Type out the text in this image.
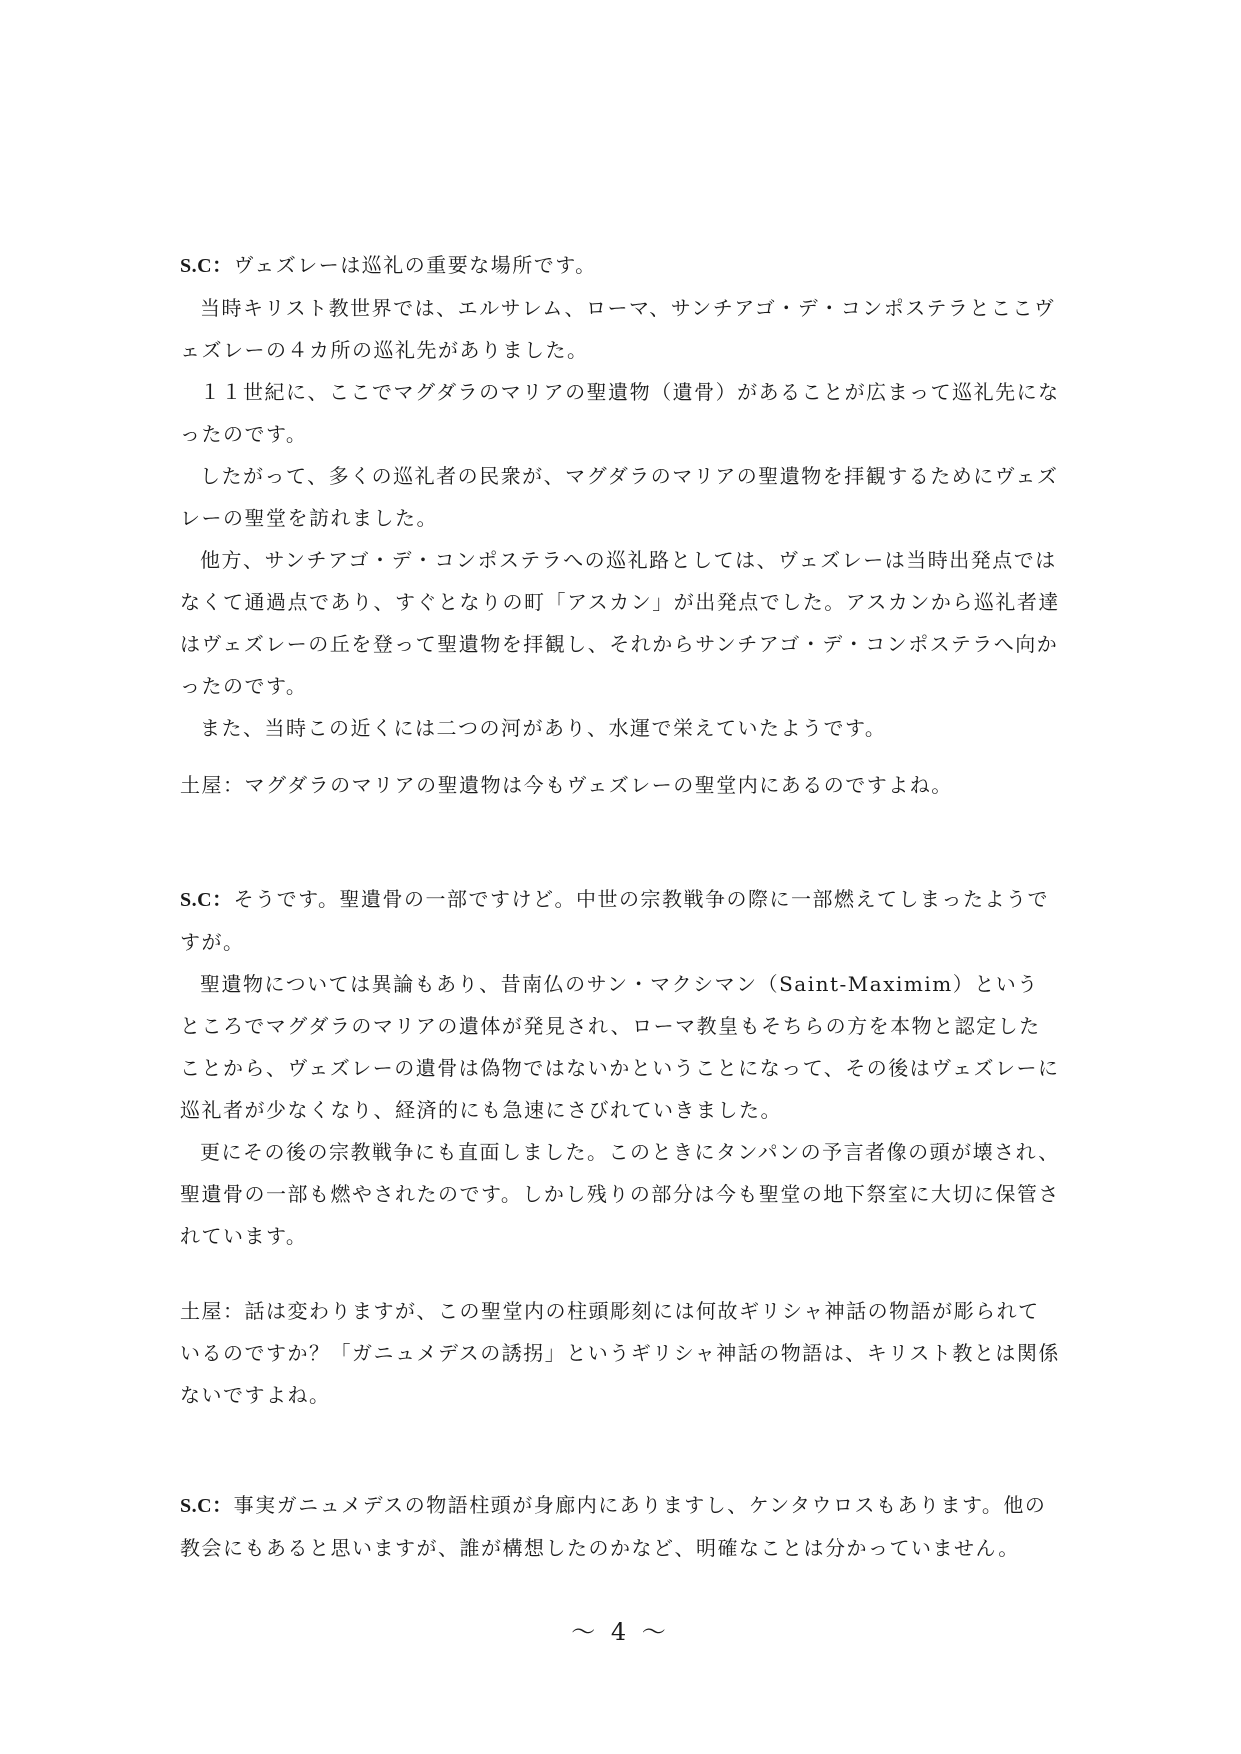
S.C：ヴェズレーは巡礼の重要な場所です。

当時キリスト教世界では、エルサレム、ローマ、サンチアゴ・デ・コンポステラとここヴェズレーの４カ所の巡礼先がありました。

１１世紀に、ここでマグダラのマリアの聖遺物（遺骨）があることが広まって巡礼先になったのです。

したがって、多くの巡礼者の民衆が、マグダラのマリアの聖遺物を拝観するためにヴェズレーの聖堂を訪れました。

他方、サンチアゴ・デ・コンポステラへの巡礼路としては、ヴェズレーは当時出発点ではなくて通過点であり、すぐとなりの町「アスカン」が出発点でした。アスカンから巡礼者達はヴェズレーの丘を登って聖遺物を拝観し、それからサンチアゴ・デ・コンポステラへ向かったのです。

また、当時この近くには二つの河があり、水運で栄えていたようです。

土屋：マグダラのマリアの聖遺物は今もヴェズレーの聖堂内にあるのですよね。

S.C：そうです。聖遺骨の一部ですけど。中世の宗教戦争の際に一部燃えてしまったようですが。

聖遺物については異論もあり、昔南仏のサン・マクシマン（Saint-Maximim）というところでマグダラのマリアの遺体が発見され、ローマ教皇もそちらの方を本物と認定したことから、ヴェズレーの遺骨は偽物ではないかということになって、その後はヴェズレーに巡礼者が少なくなり、経済的にも急速にさびれていきました。

更にその後の宗教戦争にも直面しました。このときにタンパンの予言者像の頭が壊され、聖遺骨の一部も燃やされたのです。しかし残りの部分は今も聖堂の地下祭室に大切に保管されています。

土屋：話は変わりますが、この聖堂内の柱頭彫刻には何故ギリシャ神話の物語が彫られているのですか？「ガニュメデスの誘拐」というギリシャ神話の物語は、キリスト教とは関係ないですよね。

S.C：事実ガニュメデスの物語柱頭が身廊内にありますし、ケンタウロスもあります。他の教会にもあると思いますが、誰が構想したのかなど、明確なことは分かっていません。

～ 4 ～
